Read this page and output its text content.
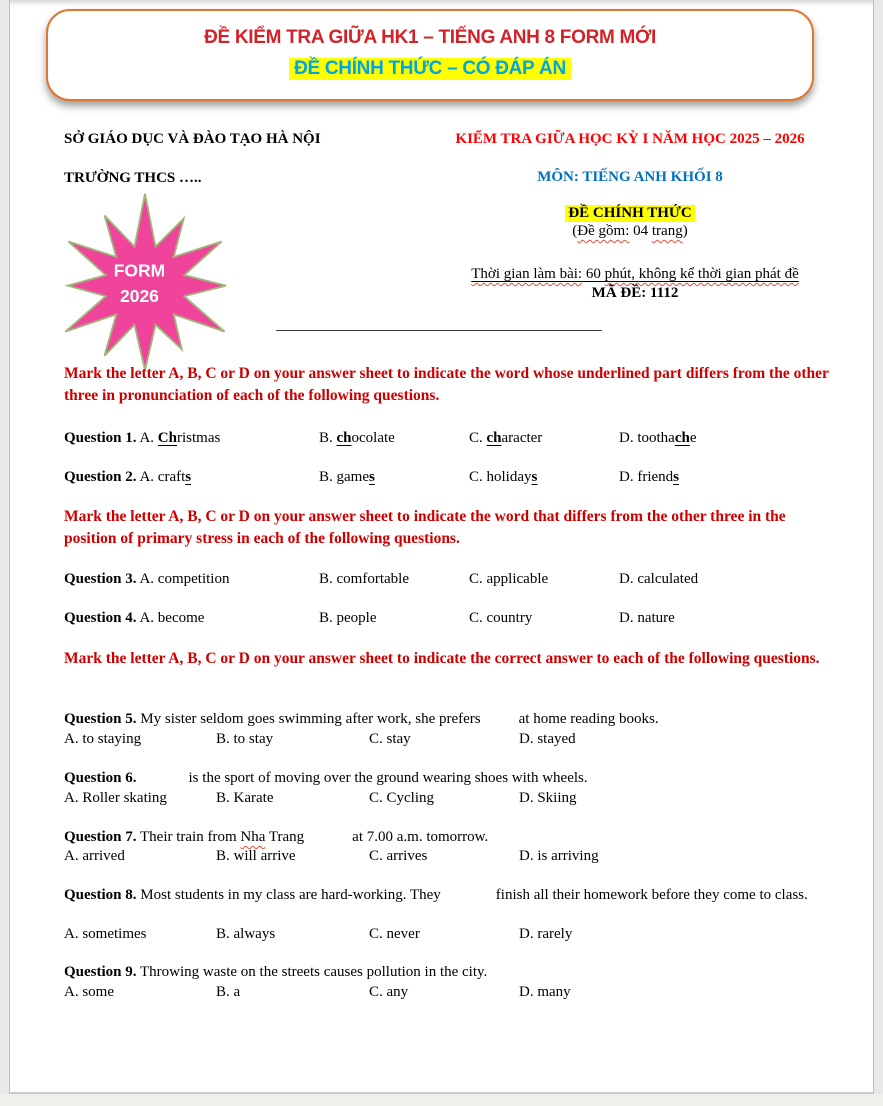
ĐỀ KIỂM TRA GIỮA HK1 – TIẾNG ANH 8 FORM MỚI
ĐỀ CHÍNH THỨC – CÓ ĐÁP ÁN
SỞ GIÁO DỤC VÀ ĐÀO TẠO HÀ NỘI
TRƯỜNG THCS …..
KIỂM TRA GIỮA HỌC KỲ I NĂM HỌC 2025 – 2026
MÔN: TIẾNG ANH KHỐI 8
ĐỀ CHÍNH THỨC
(Đề gồm: 04 trang)
Thời gian làm bài: 60 phút, không kể thời gian phát đề
MÃ ĐỀ: 1112
FORM
2026

Mark the letter A, B, C or D on your answer sheet to indicate the word whose underlined part differs from the other three in pronunciation of each of the following questions.

Question 1. A. Christmas	B. chocolate	C. character	D. toothache
Question 2. A. crafts	B. games	C. holidays	D. friends

Mark the letter A, B, C or D on your answer sheet to indicate the word that differs from the other three in the position of primary stress in each of the following questions.

Question 3. A. competition	B. comfortable	C. applicable	D. calculated
Question 4. A. become	B. people	C. country	D. nature

Mark the letter A, B, C or D on your answer sheet to indicate the correct answer to each of the following questions.

Question 5. My sister seldom goes swimming after work, she prefers	at home reading books.
A. to staying	B. to stay	C. stay	D. stayed
Question 6.	is the sport of moving over the ground wearing shoes with wheels.
A. Roller skating	B. Karate	C. Cycling	D. Skiing
Question 7. Their train from Nha Trang	at 7.00 a.m. tomorrow.
A. arrived	B. will arrive	C. arrives	D. is arriving
Question 8. Most students in my class are hard-working. They	finish all their homework before they come to class.
A. sometimes	B. always	C. never	D. rarely
Question 9. Throwing waste on the streets causes pollution in the city.
A. some	B. a	C. any	D. many
